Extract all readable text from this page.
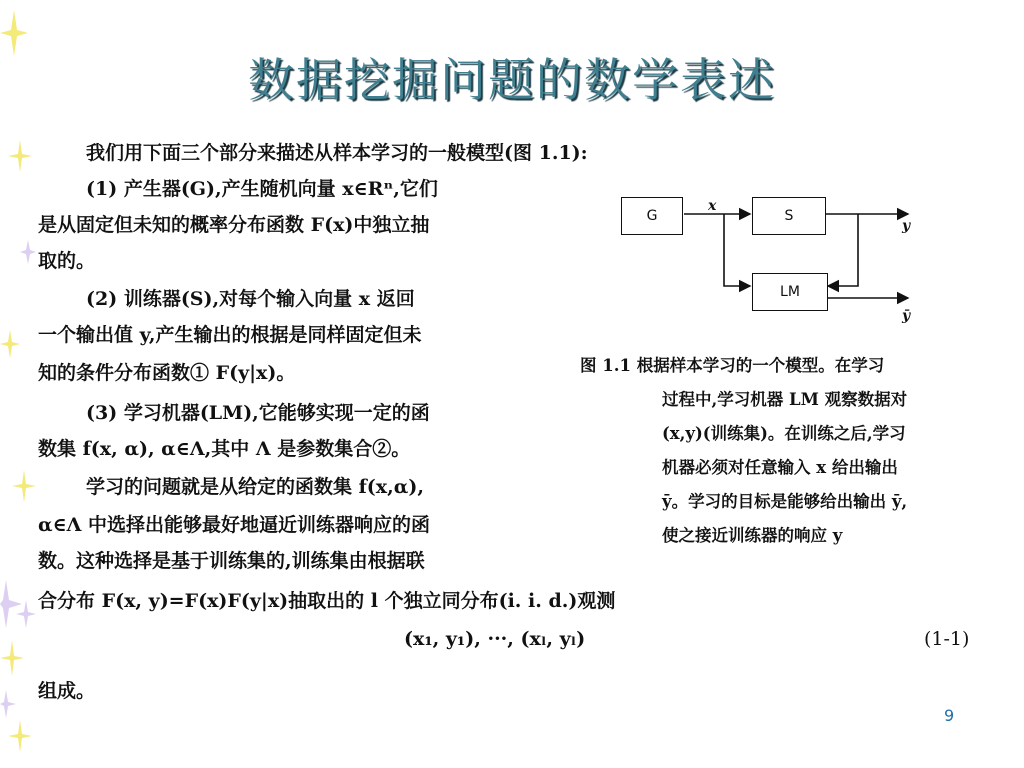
数据挖掘问题的数学表述
我们用下面三个部分来描述从样本学习的一般模型(图 1.1):
(1) 产生器(G),产生随机向量 x∈Rⁿ,它们
是从固定但未知的概率分布函数 F(x)中独立抽
取的。
(2) 训练器(S),对每个输入向量 x 返回
一个输出值 y,产生输出的根据是同样固定但未
知的条件分布函数① F(y|x)。
(3) 学习机器(LM),它能够实现一定的函
数集 f(x, α), α∈Λ,其中 Λ 是参数集合②。
学习的问题就是从给定的函数集 f(x,α),
α∈Λ 中选择出能够最好地逼近训练器响应的函
数。这种选择是基于训练集的,训练集由根据联
合分布 F(x, y)=F(x)F(y|x)抽取出的 l 个独立同分布(i. i. d.)观测
(x₁, y₁), ···, (xₗ, yₗ)	(1-1)
组成。
G	S
LM
x
y
ȳ
图 1.1 根据样本学习的一个模型。在学习
过程中,学习机器 LM 观察数据对
(x,y)(训练集)。在训练之后,学习
机器必须对任意输入 x 给出输出
ȳ。学习的目标是能够给出输出 ȳ,
使之接近训练器的响应 y
9
